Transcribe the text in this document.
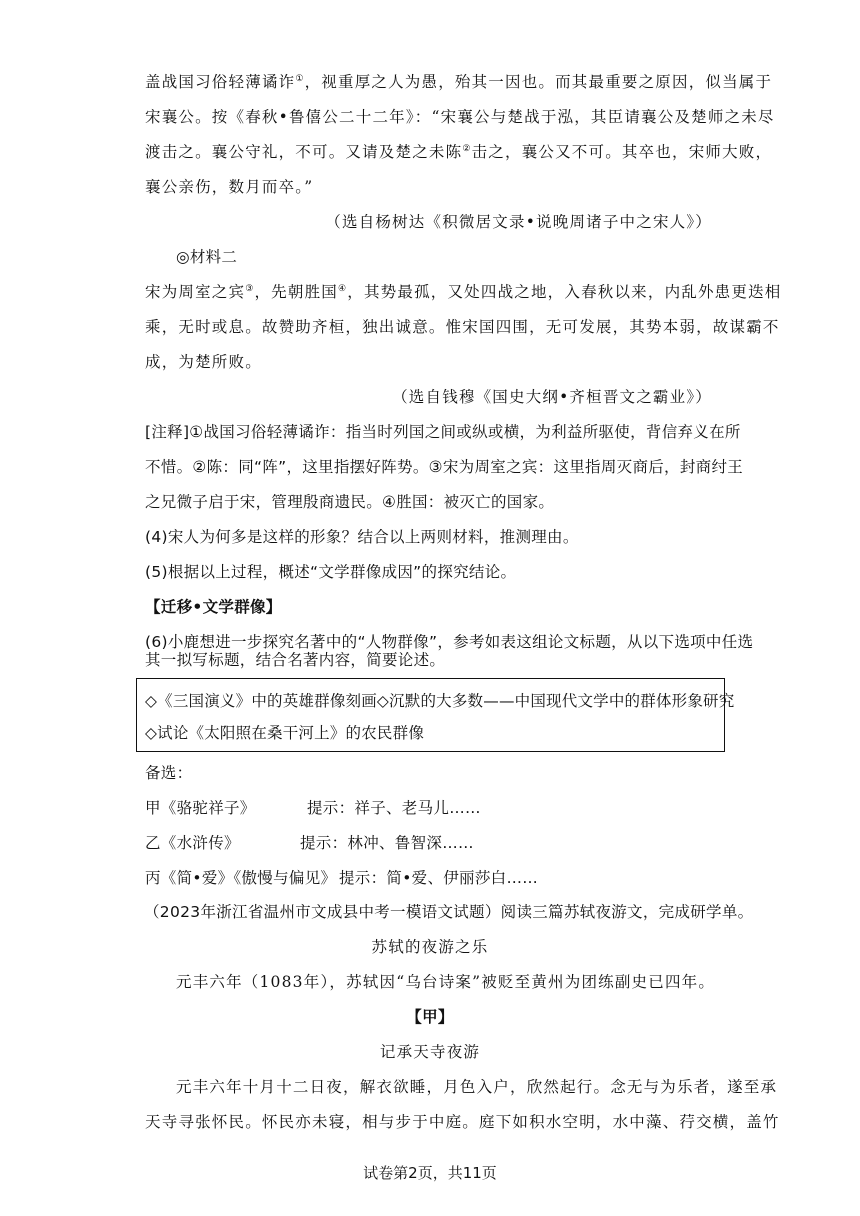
盖战国习俗轻薄谲诈①，视重厚之人为愚，殆其一因也。而其最重要之原因，似当属于
宋襄公。按《春秋•鲁僖公二十二年》：“宋襄公与楚战于泓，其臣请襄公及楚师之未尽
渡击之。襄公守礼，不可。又请及楚之未陈②击之，襄公又不可。其卒也，宋师大败，
襄公亲伤，数月而卒。”
（选自杨树达《积微居文录•说晚周诸子中之宋人》）
◎材料二
宋为周室之宾③，先朝胜国④，其势最孤，又处四战之地，入春秋以来，内乱外患更迭相
乘，无时或息。故赞助齐桓，独出诚意。惟宋国四围，无可发展，其势本弱，故谋霸不
成，为楚所败。
（选自钱穆《国史大纲•齐桓晋文之霸业》）
[注释]①战国习俗轻薄谲诈：指当时列国之间或纵或横，为利益所驱使，背信弃义在所
不惜。②陈：同“阵”，这里指摆好阵势。③宋为周室之宾：这里指周灭商后，封商纣王
之兄微子启于宋，管理殷商遗民。④胜国：被灭亡的国家。
(4)宋人为何多是这样的形象？结合以上两则材料，推测理由。
(5)根据以上过程，概述“文学群像成因”的探究结论。
【迁移•文学群像】
(6)小鹿想进一步探究名著中的“人物群像”，参考如表这组论文标题，从以下选项中任选
其一拟写标题，结合名著内容，简要论述。
◇《三国演义》中的英雄群像刻画◇沉默的大多数——中国现代文学中的群体形象研究
◇试论《太阳照在桑干河上》的农民群像
备选：
甲《骆驼祥子》	提示：祥子、老马儿……
乙《水浒传》	提示：林冲、鲁智深……
丙《简•爱》《傲慢与偏见》 提示：简•爱、伊丽莎白……
（2023年浙江省温州市文成县中考一模语文试题）阅读三篇苏轼夜游文，完成研学单。
苏轼的夜游之乐
元丰六年（1083年），苏轼因“乌台诗案”被贬至黄州为团练副史已四年。
【甲】
记承天寺夜游
元丰六年十月十二日夜，解衣欲睡，月色入户，欣然起行。念无与为乐者，遂至承
天寺寻张怀民。怀民亦未寝，相与步于中庭。庭下如积水空明，水中藻、荇交横，盖竹
试卷第2页，共11页
